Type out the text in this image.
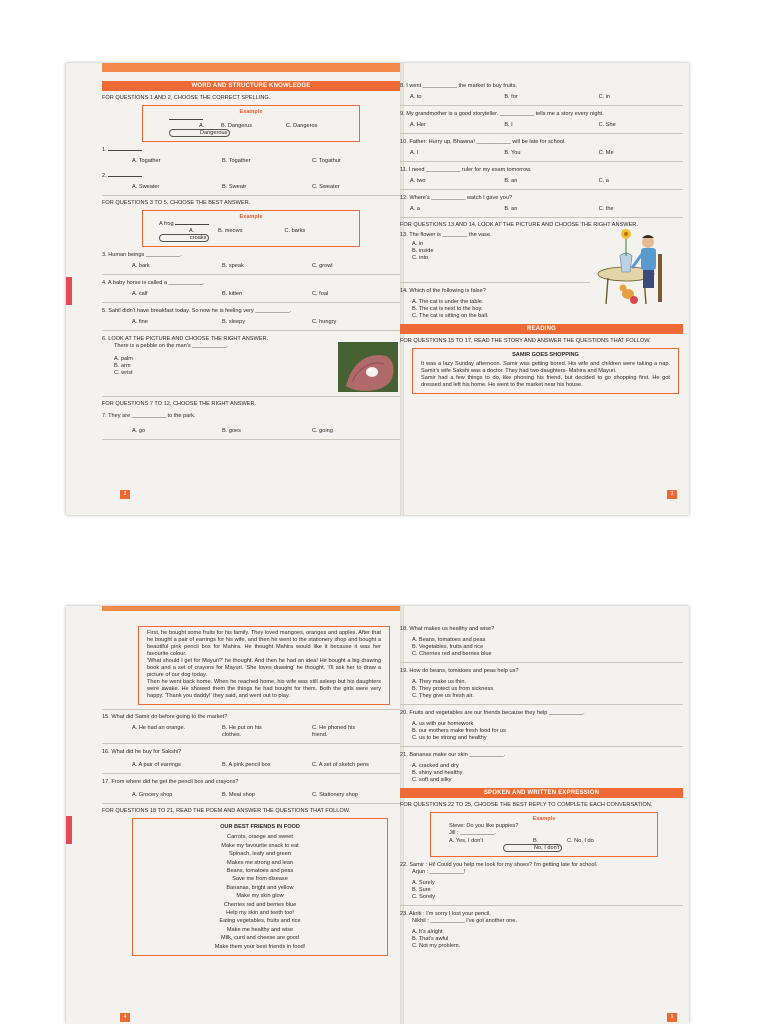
WORD AND STRUCTURE KNOWLEDGE
FOR QUESTIONS 1 AND 2, CHOOSE THE CORRECT SPELLING.
Example
A. Dangerous
B. Dangerus	C. Dangeros
1.
A. Togather	B. Togather	C. Togathur
2.
A. Sweater	B. Sweatr	C. Sweater
FOR QUESTIONS 3 TO 5, CHOOSE THE BEST ANSWER.
Example
A frog
A. croaks
B. meows	C. barks
3. Human beings ___________.
A. bark	B. speak	C. growl
4. A baby horse is called a ___________.
A. calf	B. kitten	C. foal
5. Sahil didn't have breakfast today. So now he is feeling very ___________.
A. fine	B. sleepy	C. hungry
6. LOOK AT THE PICTURE AND CHOOSE THE RIGHT ANSWER.
There is a pebble on the man's ___________.
A. palm
B. arm
C. wrist
FOR QUESTIONS 7 TO 12, CHOOSE THE RIGHT ANSWER.
7. They are ___________ to the park.
A. go	B. goes	C. going
2
8. I went ___________ the market to buy fruits.
A. to	B. for	C. in
9. My grandmother is a good storyteller. ___________ tells me a story every night.
A. Her	B. I	C. She
10. Father: Hurry up, Bhawna! ___________ will be late for school.
A. I	B. You	C. Me
11. I need ___________ ruler for my exam tomorrow.
A. two	B. an	C. a
12. Where's ___________ watch I gave you?
A. a	B. an	C. the
FOR QUESTIONS 13 AND 14, LOOK AT THE PICTURE AND CHOOSE THE RIGHT ANSWER.
13. The flower is ________ the vase.
A. in
B. inside
C. into
14. Which of the following is false?
A. The cat is under the table.
B. The cat is next to the boy.
C. The cat is sitting on the ball.
READING
FOR QUESTIONS 15 TO 17, READ THE STORY AND ANSWER THE QUESTIONS THAT FOLLOW.
SAMIR GOES SHOPPING
It was a lazy Sunday afternoon. Samir was getting bored. His wife and children were taking a nap. Samir's wife Sakshi was a doctor. They had two daughters- Mahira and Mayuri.
Samir had a few things to do, like phoning his friend, but decided to go shopping first. He got dressed and left his home. He went to the market near his house.
3
First, he bought some fruits for his family. They loved mangoes, oranges and apples. After that he bought a pair of earrings for his wife, and then he went to the stationery shop and bought a beautiful pink pencil box for Mahira. He thought Mahira would like it because it was her favourite colour.
'What should I get for Mayuri?' he thought. And then he had an idea! He bought a big drawing book and a set of crayons for Mayuri. 'She loves drawing' he thought. 'I'll ask her to draw a picture of our dog today.
Then he went back home. When he reached home, his wife was still asleep but his daughters were awake. He showed them the things he had bought for them. Both the girls were very happy. 'Thank you daddy!' they said, and went out to play.
15. What did Samir do before going to the market?
A. He had an orange.	B. He put on his clothes.
C. He phoned his friend.
16. What did he buy for Sakshi?
A. A pair of earrings	B. A pink pencil box	C. A set of sketch pens
17. From where did he get the pencil box and crayons?
A. Grocery shop	B. Meat shop	C. Stationery shop
FOR QUESTIONS 18 TO 21, READ THE POEM AND ANSWER THE QUESTIONS THAT FOLLOW.
OUR BEST FRIENDS IN FOOD
Carrots, orange and sweet
Make my favourite snack to eat
Spinach, leafy and green
Makes me strong and lean
Beans, tomatoes and peas
Save me from disease
Bananas, bright and yellow
Make my skin glow
Cherries red and berries blue
Help my skin and teeth too!
Eating vegetables, fruits and rice
Make me healthy and wise
Milk, curd and cheese are good
Make them your best friends in food!
4
18. What makes us healthy and wise?
A. Beans, tomatoes and peas
B. Vegetables, fruits and rice
C. Cherries red and berries blue
19. How do beans, tomatoes and peas help us?
A. They make us thin.
B. They protect us from sickness.
C. They give us fresh air.
20. Fruits and vegetables are our friends because they help ___________.
A. us with our homework
B. our mothers make fresh food for us
C. us to be strong and healthy
21. Bananas make our skin ___________.
A. cracked and dry
B. shiny and healthy
C. soft and silky
SPOKEN AND WRITTEN EXPRESSION
FOR QUESTIONS 22 TO 25, CHOOSE THE BEST REPLY TO COMPLETE EACH CONVERSATION.
Example
Steve: Do you like puppies?
Jill : ___________.
A. Yes, I don't	B. No, I don't
C. No, I do
22. Samir : Hi! Could you help me look for my shoes? I'm getting late for school.
Arjun : ___________!
A. Surely
B. Sure
C. Sorely
23. Akriti : I'm sorry I lost your pencil.
Nikhil : ___________ I've got another one.
A. It's alright
B. That's awful
C. Not my problem.
5
